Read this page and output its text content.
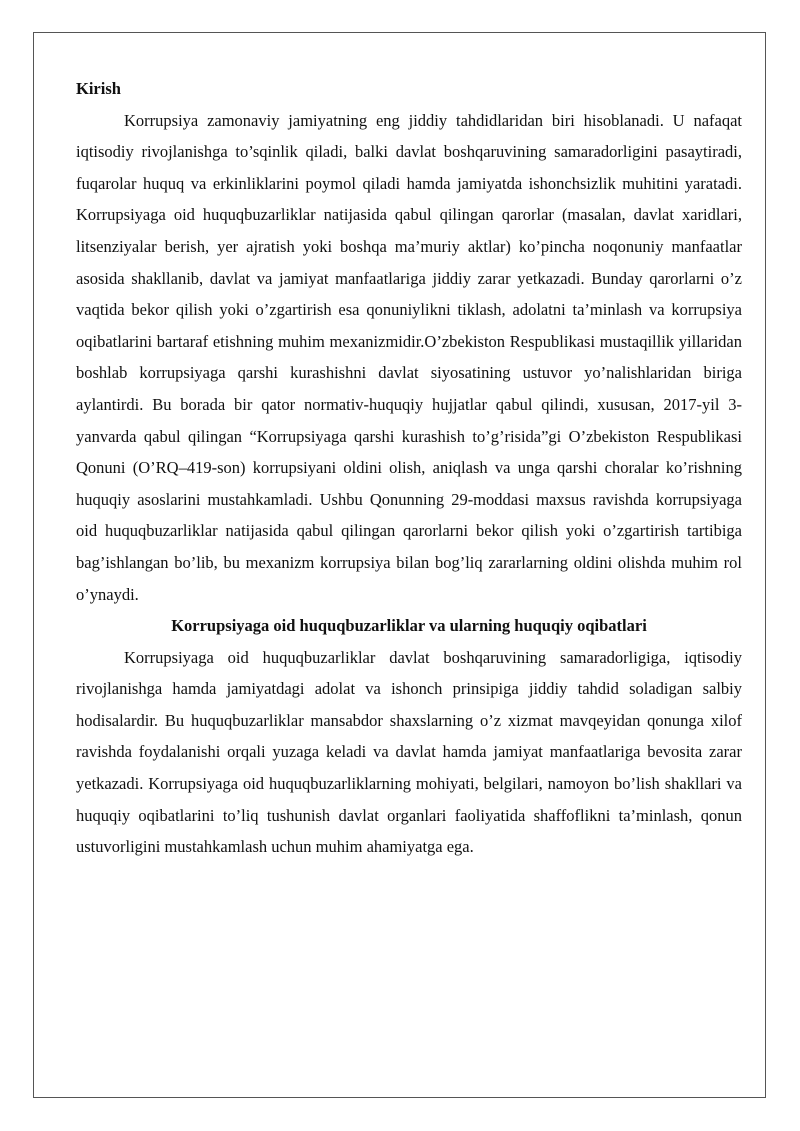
Kirish

Korrupsiya zamonaviy jamiyatning eng jiddiy tahdidlaridan biri hisoblanadi. U nafaqat iqtisodiy rivojlanishga to’sqinlik qiladi, balki davlat boshqaruvining samaradorligini pasaytiradi, fuqarolar huquq va erkinliklarini poymol qiladi hamda jamiyatda ishonchsizlik muhitini yaratadi. Korrupsiyaga oid huquqbuzarliklar natijasida qabul qilingan qarorlar (masalan, davlat xaridlari, litsenziyalar berish, yer ajratish yoki boshqa ma’muriy aktlar) ko’pincha noqonuniy manfaatlar asosida shakllanib, davlat va jamiyat manfaatlariga jiddiy zarar yetkazadi. Bunday qarorlarni o’z vaqtida bekor qilish yoki o’zgartirish esa qonuniylikni tiklash, adolatni ta’minlash va korrupsiya oqibatlarini bartaraf etishning muhim mexanizmidir.O’zbekiston Respublikasi mustaqillik yillaridan boshlab korrupsiyaga qarshi kurashishni davlat siyosatining ustuvor yo’nalishlaridan biriga aylantirdi. Bu borada bir qator normativ-huquqiy hujjatlar qabul qilindi, xususan, 2017-yil 3-yanvarda qabul qilingan “Korrupsiyaga qarshi kurashish to’g’risida”gi O’zbekiston Respublikasi Qonuni (O’RQ–419-son) korrupsiyani oldini olish, aniqlash va unga qarshi choralar ko’rishning huquqiy asoslarini mustahkamladi. Ushbu Qonunning 29-moddasi maxsus ravishda korrupsiyaga oid huquqbuzarliklar natijasida qabul qilingan qarorlarni bekor qilish yoki o’zgartirish tartibiga bag’ishlangan bo’lib, bu mexanizm korrupsiya bilan bog’liq zararlarning oldini olishda muhim rol o’ynaydi.

Korrupsiyaga oid huquqbuzarliklar va ularning huquqiy oqibatlari

Korrupsiyaga oid huquqbuzarliklar davlat boshqaruvining samaradorligiga, iqtisodiy rivojlanishga hamda jamiyatdagi adolat va ishonch prinsipiga jiddiy tahdid soladigan salbiy hodisalardir. Bu huquqbuzarliklar mansabdor shaxslarning o’z xizmat mavqeyidan qonunga xilof ravishda foydalanishi orqali yuzaga keladi va davlat hamda jamiyat manfaatlariga bevosita zarar yetkazadi. Korrupsiyaga oid huquqbuzarliklarning mohiyati, belgilari, namoyon bo’lish shakllari va huquqiy oqibatlarini to’liq tushunish davlat organlari faoliyatida shaffoflikni ta’minlash, qonun ustuvorligini mustahkamlash uchun muhim ahamiyatga ega.
